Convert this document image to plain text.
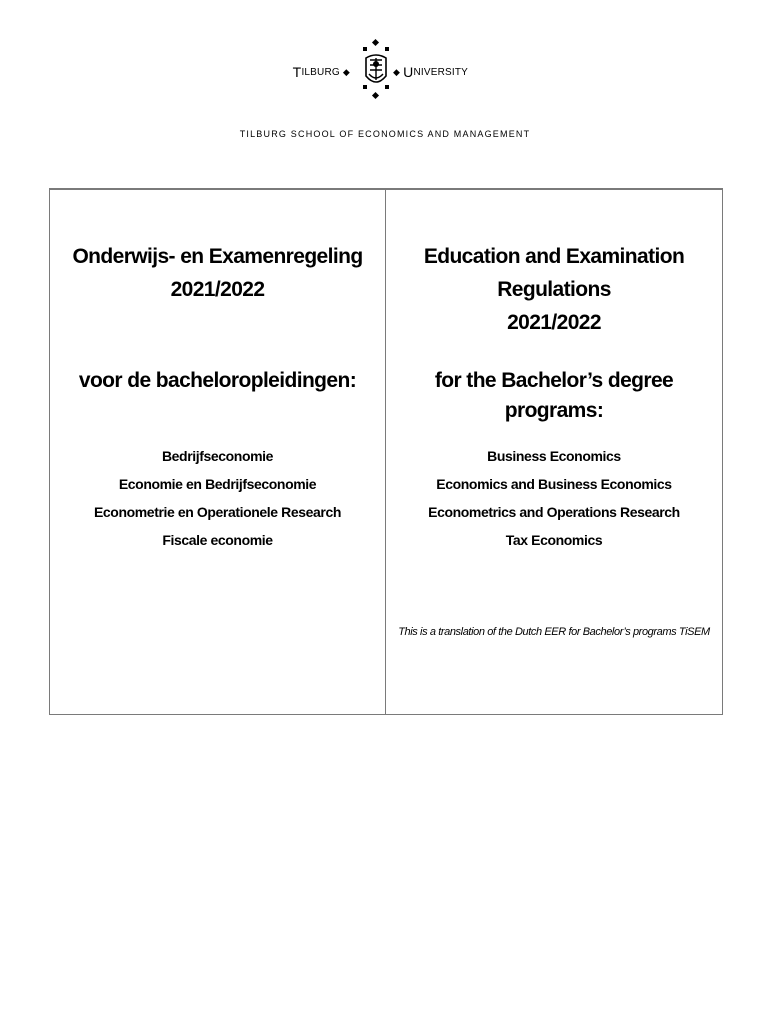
T ILBURG ◆	◆ U NIVERSITY
TILBURG SCHOOL OF ECONOMICS AND MANAGEMENT
Onderwijs- en Examenregeling
2021/2022
voor de bacheloropleidingen:
Bedrijfseconomie
Economie en Bedrijfseconomie
Econometrie en Operationele Research
Fiscale economie
Education and Examination Regulations
2021/2022
for the Bachelor’s degree programs:
Business Economics
Economics and Business Economics
Econometrics and Operations Research
Tax Economics
This is a translation of the Dutch EER for Bachelor’s programs TiSEM
